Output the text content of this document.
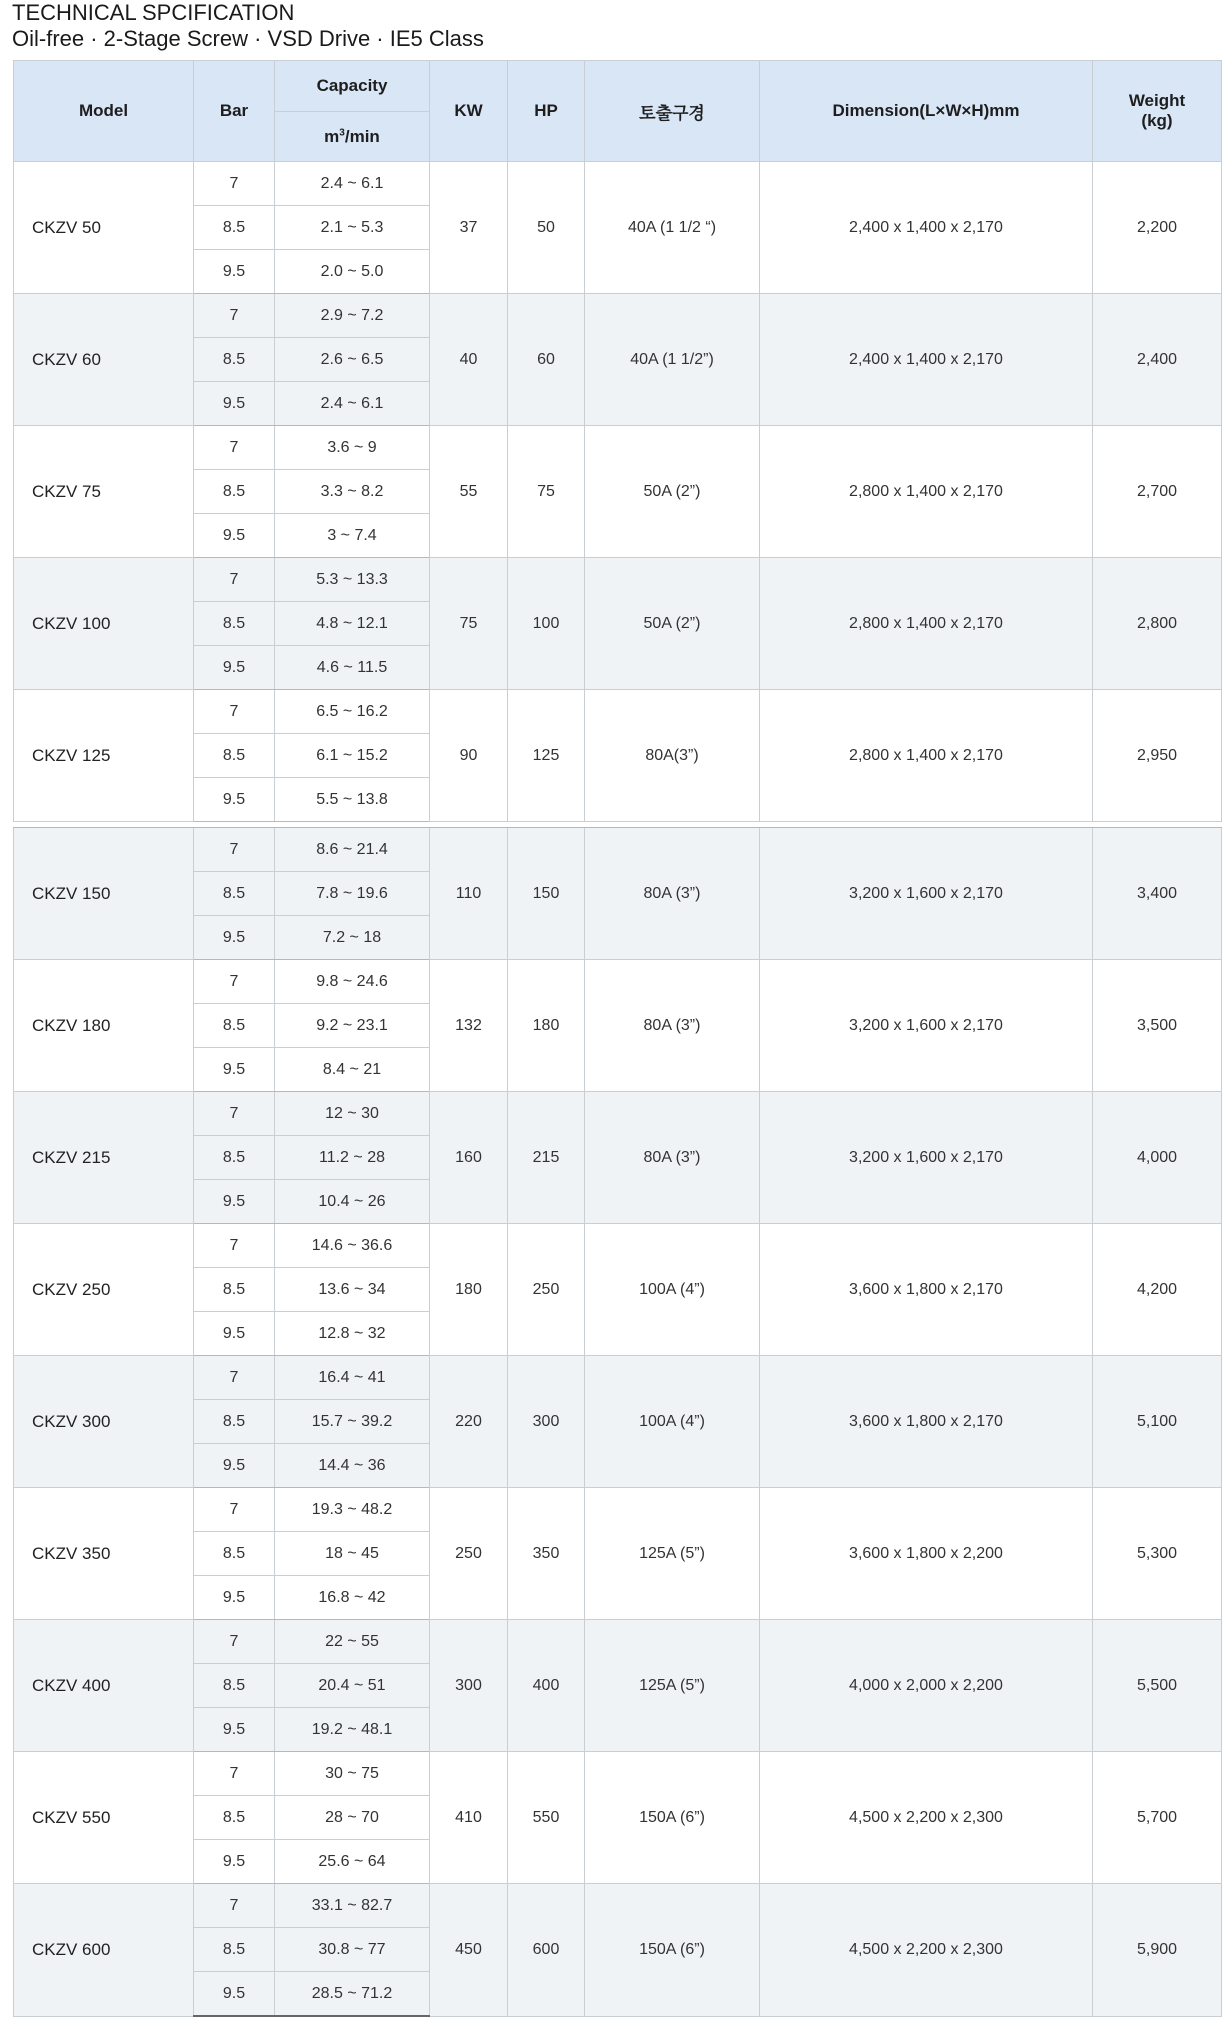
TECHNICAL SPCIFICATION
Oil-free · 2-Stage Screw · VSD Drive · IE5 Class
Model	Bar	Capacity	KW	HP	토출구경	Dimension(L×W×H)mm	Weight
(kg)
		$m^3/\min$					
CKZV 50	7	2.4 ~ 6.1	37	50	40A (1 1/2 “)	2,400 x 1,400 x 2,170	2,200
	8.5	2.1 ~ 5.3					
	9.5	2.0 ~ 5.0					
CKZV 60	7	2.9 ~ 7.2	40	60	40A (1 1/2”)	2,400 x 1,400 x 2,170	2,400
	8.5	2.6 ~ 6.5					
	9.5	2.4 ~ 6.1					
CKZV 75	7	3.6 ~ 9	55	75	50A (2”)	2,800 x 1,400 x 2,170	2,700
	8.5	3.3 ~ 8.2					
	9.5	3 ~ 7.4					
CKZV 100	7	5.3 ~ 13.3	75	100	50A (2”)	2,800 x 1,400 x 2,170	2,800
	8.5	4.8 ~ 12.1					
	9.5	4.6 ~ 11.5					
CKZV 125	7	6.5 ~ 16.2	90	125	80A(3”)	2,800 x 1,400 x 2,170	2,950
	8.5	6.1 ~ 15.2					
	9.5	5.5 ~ 13.8					

CKZV 150	7	8.6 ~ 21.4	110	150	80A (3”)	3,200 x 1,600 x 2,170	3,400
	8.5	7.8 ~ 19.6					
	9.5	7.2 ~ 18					
CKZV 180	7	9.8 ~ 24.6	132	180	80A (3”)	3,200 x 1,600 x 2,170	3,500
	8.5	9.2 ~ 23.1					
	9.5	8.4 ~ 21					
CKZV 215	7	12 ~ 30	160	215	80A (3”)	3,200 x 1,600 x 2,170	4,000
	8.5	11.2 ~ 28					
	9.5	10.4 ~ 26					
CKZV 250	7	14.6 ~ 36.6	180	250	100A (4”)	3,600 x 1,800 x 2,170	4,200
	8.5	13.6 ~ 34					
	9.5	12.8 ~ 32					
CKZV 300	7	16.4 ~ 41	220	300	100A (4”)	3,600 x 1,800 x 2,170	5,100
	8.5	15.7 ~ 39.2					
	9.5	14.4 ~ 36					
CKZV 350	7	19.3 ~ 48.2	250	350	125A (5”)	3,600 x 1,800 x 2,200	5,300
	8.5	18 ~ 45					
	9.5	16.8 ~ 42					
CKZV 400	7	22 ~ 55	300	400	125A (5”)	4,000 x 2,000 x 2,200	5,500
	8.5	20.4 ~ 51					
	9.5	19.2 ~ 48.1					
CKZV 550	7	30 ~ 75	410	550	150A (6”)	4,500 x 2,200 x 2,300	5,700
	8.5	28 ~ 70					
	9.5	25.6 ~ 64					
CKZV 600	7	33.1 ~ 82.7	450	600	150A (6”)	4,500 x 2,200 x 2,300	5,900
	8.5	30.8 ~ 77					
	9.5	28.5 ~ 71.2					
